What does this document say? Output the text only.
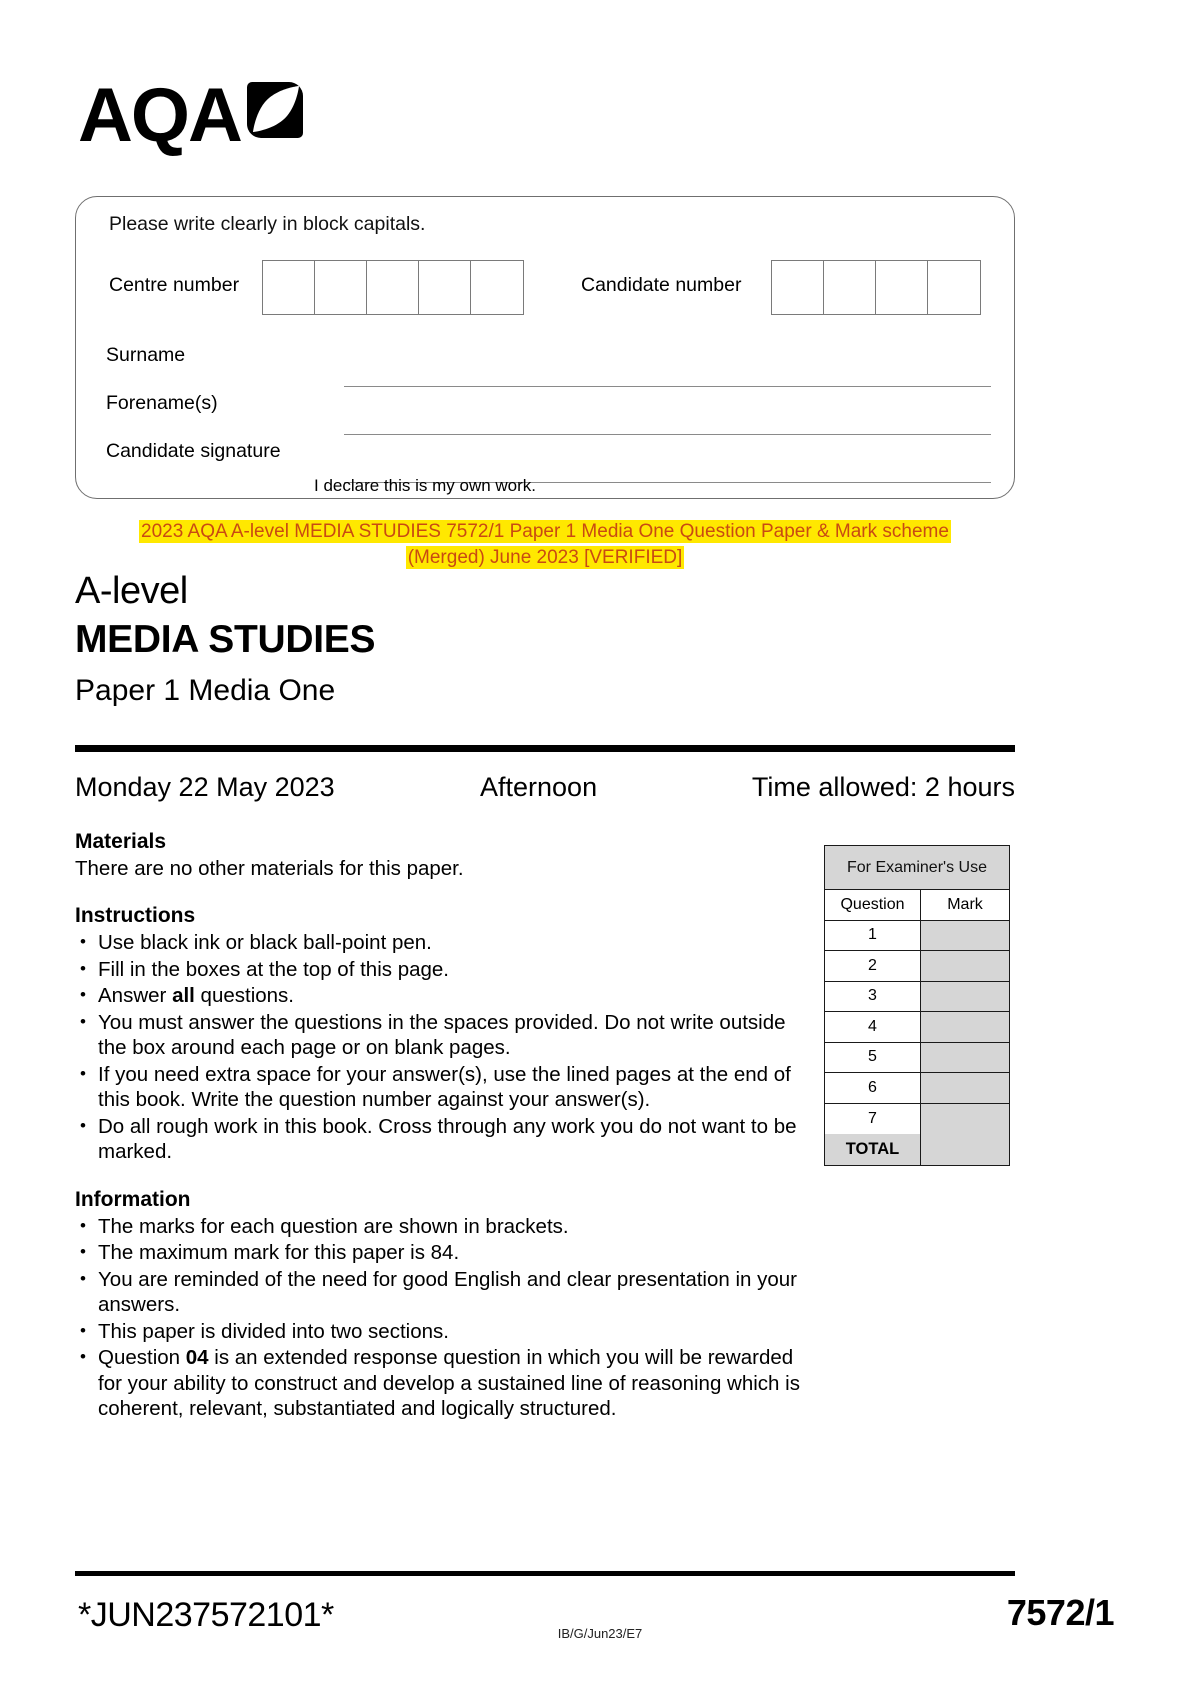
AQA
Please write clearly in block capitals.
Centre number	Candidate number
Surname
Forename(s)
Candidate signature
I declare this is my own work.
2023 AQA A-level MEDIA STUDIES 7572/1 Paper 1 Media One Question Paper & Mark scheme
(Merged) June 2023 [VERIFIED]
A-level
MEDIA STUDIES
Paper 1 Media One
Monday 22 May 2023	Afternoon	Time allowed: 2 hours
Materials
There are no other materials for this paper.
Instructions
• Use black ink or black ball-point pen.
• Fill in the boxes at the top of this page.
• Answer all questions.
• You must answer the questions in the spaces provided. Do not write outside the box around each page or on blank pages.
• If you need extra space for your answer(s), use the lined pages at the end of this book. Write the question number against your answer(s).
• Do all rough work in this book. Cross through any work you do not want to be marked.
Information
• The marks for each question are shown in brackets.
• The maximum mark for this paper is 84.
• You are reminded of the need for good English and clear presentation in your answers.
• This paper is divided into two sections.
• Question 04 is an extended response question in which you will be rewarded for your ability to construct and develop a sustained line of reasoning which is coherent, relevant, substantiated and logically structured.
For Examiner's Use
Question	Mark
1
2
3
4
5
6
7
TOTAL
*JUN237572101*	IB/G/Jun23/E7
7572/1
